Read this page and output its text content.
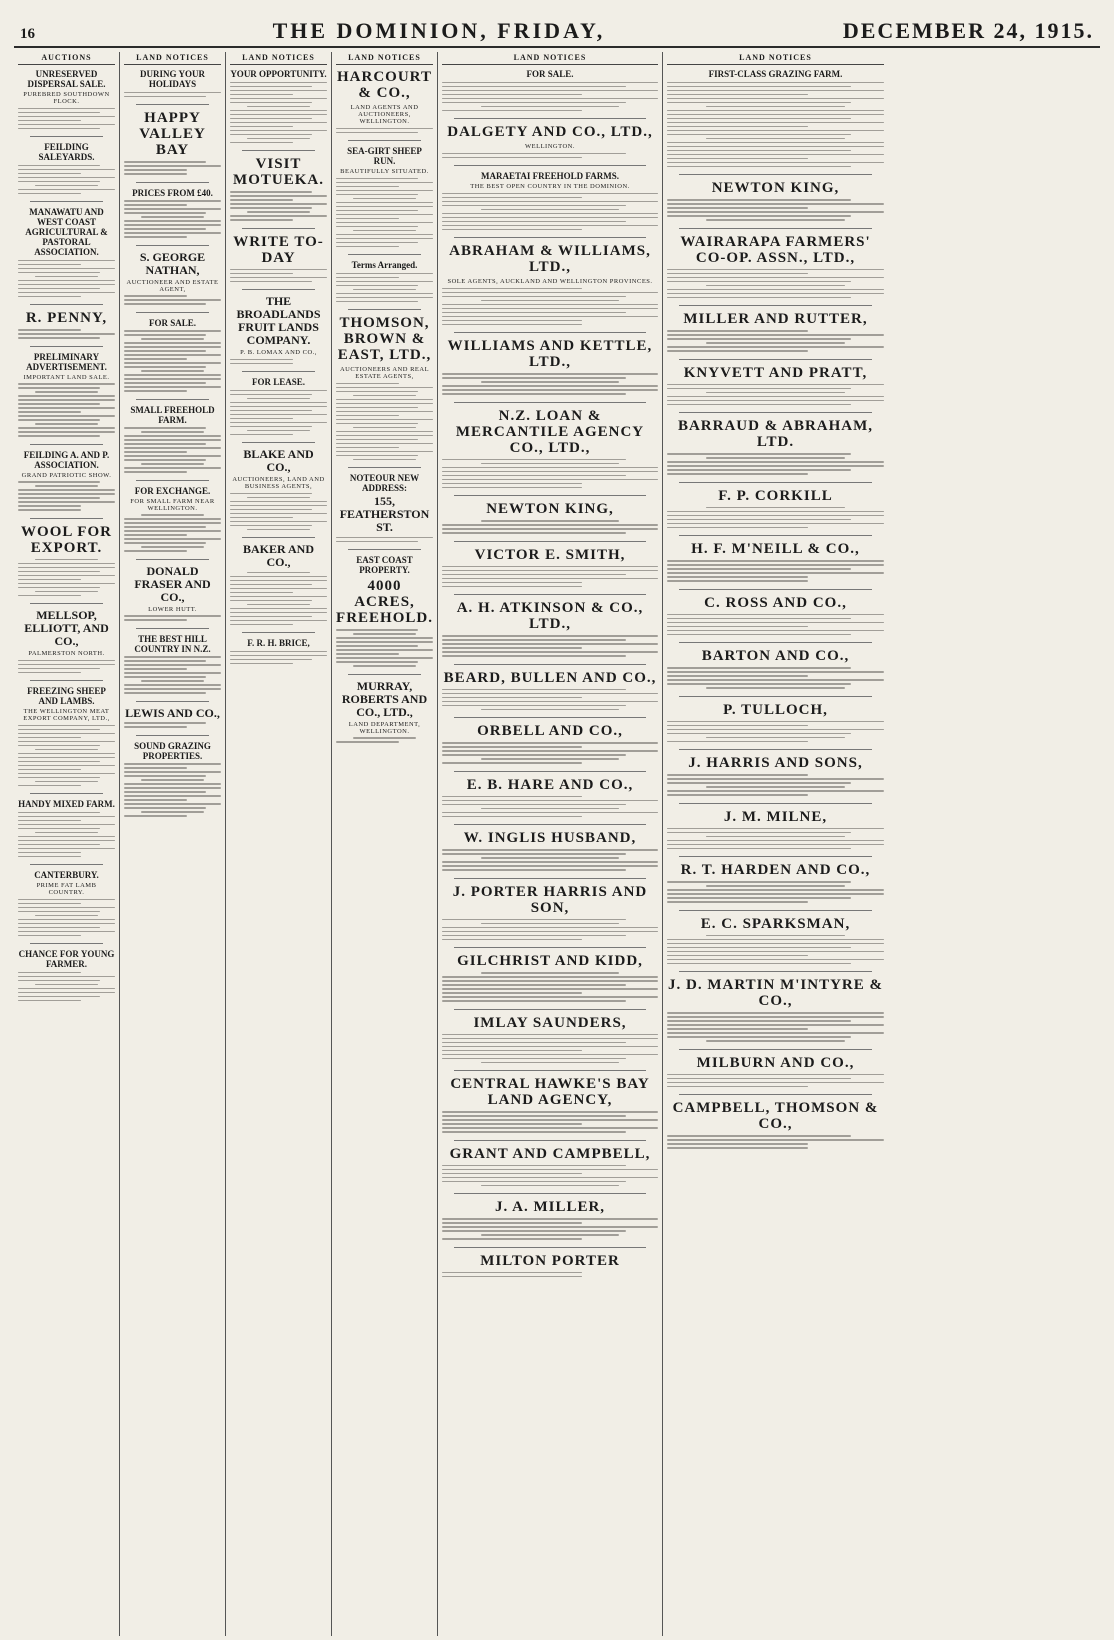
16	THE DOMINION, FRIDAY,	DECEMBER 24, 1915.
AUCTIONS
UNRESERVED DISPERSAL SALE.
PUREBRED SOUTHDOWN FLOCK.
FEILDING SALEYARDS.
MANAWATU AND WEST COAST AGRICULTURAL & PASTORAL ASSOCIATION.
R. PENNY,
PRELIMINARY ADVERTISEMENT.
IMPORTANT LAND SALE.
FEILDING A. AND P. ASSOCIATION.
GRAND PATRIOTIC SHOW.
WOOL FOR EXPORT.
MELLSOP, ELLIOTT, AND CO.,
PALMERSTON NORTH.
FREEZING SHEEP AND LAMBS.
THE WELLINGTON MEAT EXPORT COMPANY, LTD.,
HANDY MIXED FARM.
CANTERBURY.
PRIME FAT LAMB COUNTRY.
CHANCE FOR YOUNG FARMER.
LAND NOTICES
DURING YOUR HOLIDAYS
HAPPY VALLEY BAY
PRICES FROM £40.
S. GEORGE NATHAN,
AUCTIONEER AND ESTATE AGENT,
FOR SALE.
SMALL FREEHOLD FARM.
FOR EXCHANGE.
FOR SMALL FARM NEAR WELLINGTON.
DONALD FRASER AND CO.,
LOWER HUTT.
THE BEST HILL COUNTRY IN N.Z.
LEWIS AND CO.,
SOUND GRAZING PROPERTIES.
LAND NOTICES
YOUR OPPORTUNITY.
VISIT MOTUEKA.
WRITE TO-DAY
THE BROADLANDS FRUIT LANDS COMPANY.
P. B. LOMAX AND CO.,
FOR LEASE.
BLAKE AND CO.,
AUCTIONEERS, LAND AND BUSINESS AGENTS,
BAKER AND CO.,
F. R. H. BRICE,
LAND NOTICES
HARCOURT & CO.,
LAND AGENTS AND AUCTIONEERS, WELLINGTON.
SEA-GIRT SHEEP RUN.
BEAUTIFULLY SITUATED.
Terms Arranged.
THOMSON, BROWN & EAST, LTD.,
AUCTIONEERS AND REAL ESTATE AGENTS,
NOTEOUR NEW ADDRESS:
155, FEATHERSTON ST.
EAST COAST PROPERTY.
4000 ACRES, FREEHOLD.
MURRAY, ROBERTS AND CO., LTD.,
LAND DEPARTMENT, WELLINGTON.
LAND NOTICES
FOR SALE.
DALGETY AND CO., LTD.,
WELLINGTON.
MARAETAI FREEHOLD FARMS.
THE BEST OPEN COUNTRY IN THE DOMINION.
ABRAHAM & WILLIAMS, LTD.,
SOLE AGENTS, AUCKLAND AND WELLINGTON PROVINCES.
WILLIAMS AND KETTLE, LTD.,
N.Z. LOAN & MERCANTILE AGENCY CO., LTD.,
NEWTON KING,
VICTOR E. SMITH,
A. H. ATKINSON & CO., LTD.,
BEARD, BULLEN AND CO.,
ORBELL AND CO.,
E. B. HARE AND CO.,
W. INGLIS HUSBAND,
J. PORTER HARRIS AND SON,
GILCHRIST AND KIDD,
IMLAY SAUNDERS,
CENTRAL HAWKE'S BAY LAND AGENCY,
GRANT AND CAMPBELL,
J. A. MILLER,
MILTON PORTER
LAND NOTICES
FIRST-CLASS GRAZING FARM.
NEWTON KING,
WAIRARAPA FARMERS' CO-OP. ASSN., LTD.,
MILLER AND RUTTER,
KNYVETT AND PRATT,
BARRAUD & ABRAHAM, LTD.
F. P. CORKILL
H. F. M'NEILL & CO.,
C. ROSS AND CO.,
BARTON AND CO.,
P. TULLOCH,
J. HARRIS AND SONS,
J. M. MILNE,
R. T. HARDEN AND CO.,
E. C. SPARKSMAN,
J. D. MARTIN M'INTYRE & CO.,
MILBURN AND CO.,
CAMPBELL, THOMSON & CO.,
